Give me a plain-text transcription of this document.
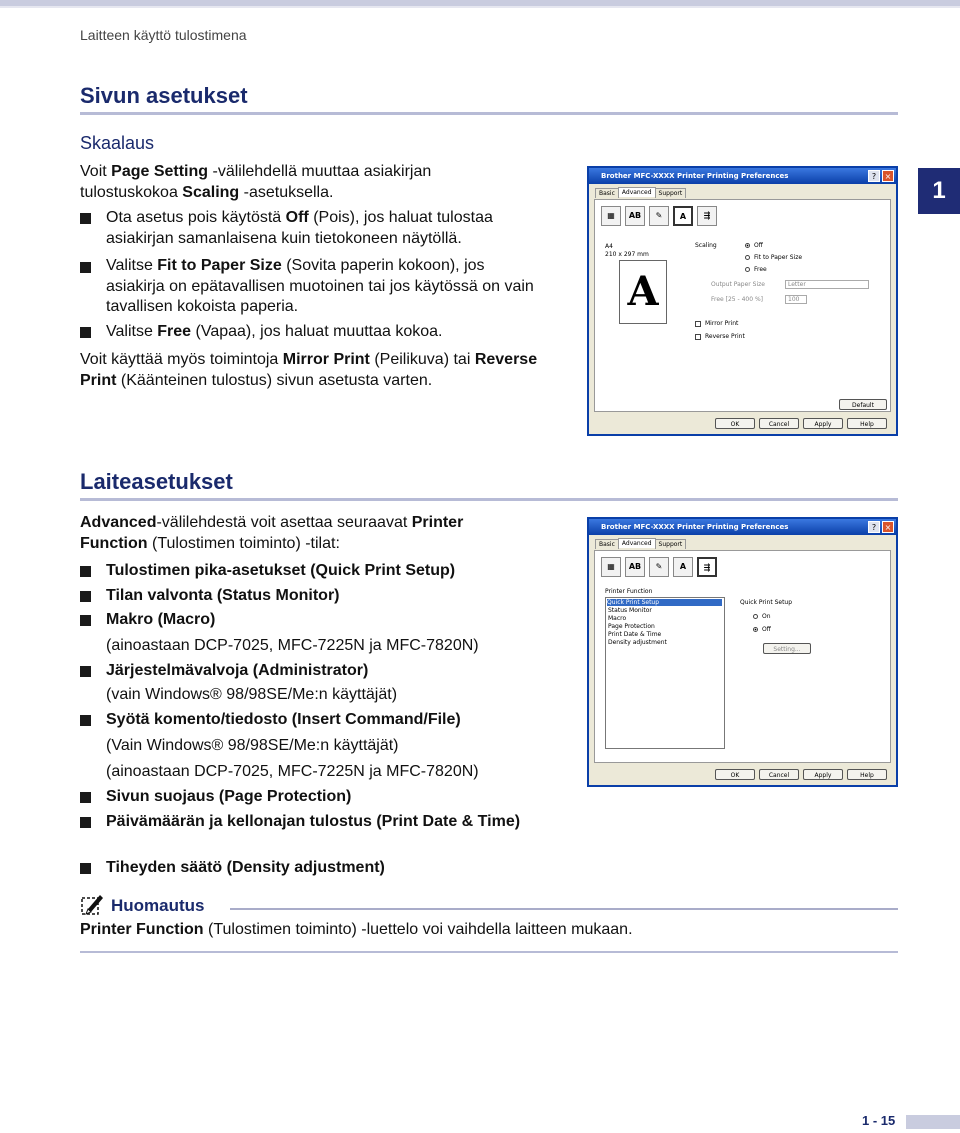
Laitteen käyttö tulostimena
1
Sivun asetukset
Skaalaus
Voit Page Setting -välilehdellä muuttaa asiakirjan tulostuskokoa Scaling -asetuksella.
Ota asetus pois käytöstä Off (Pois), jos haluat tulostaa asiakirjan samanlaisena kuin tietokoneen näytöllä.
Valitse Fit to Paper Size (Sovita paperin kokoon), jos asiakirja on epätavallisen muotoinen tai jos käytössä on vain tavallisen kokoista paperia.
Valitse Free (Vapaa), jos haluat muuttaa kokoa.
Voit käyttää myös toimintoja Mirror Print (Peilikuva) tai Reverse Print (Käänteinen tulostus) sivun asetusta varten.
Brother MFC-XXXX Printer Printing Preferences	?	×
Basic Advanced Support
▦	AB	✎	A	⇶
A4
210 x 297 mm
A
Scaling	Off
Fit to Paper Size
Free
Output Paper Size	Letter
Free [25 - 400 %]	100
Mirror Print
Reverse Print
Default
OK	Cancel	Apply	Help
Laiteasetukset
Advanced-välilehdestä voit asettaa seuraavat Printer Function (Tulostimen toiminto) -tilat:
Tulostimen pika-asetukset (Quick Print Setup)
Tilan valvonta (Status Monitor)
Makro (Macro)
(ainoastaan DCP-7025, MFC-7225N ja MFC-7820N)
Järjestelmävalvoja (Administrator)
(vain Windows® 98/98SE/Me:n käyttäjät)
Syötä komento/tiedosto (Insert Command/File)
(Vain Windows® 98/98SE/Me:n käyttäjät)
(ainoastaan DCP-7025, MFC-7225N ja MFC-7820N)
Sivun suojaus (Page Protection)
Päivämäärän ja kellonajan tulostus (Print Date & Time)
Tiheyden säätö (Density adjustment)
Brother MFC-XXXX Printer Printing Preferences	?	×
Basic Advanced Support
▦	AB	✎	A	⇶
Printer Function
Quick Print Setup
Status Monitor
Macro
Page Protection
Print Date & Time
Density adjustment
Quick Print Setup
On
Off
Setting...
OK	Cancel	Apply	Help
Huomautus
Printer Function (Tulostimen toiminto) -luettelo voi vaihdella laitteen mukaan.
1 - 15
